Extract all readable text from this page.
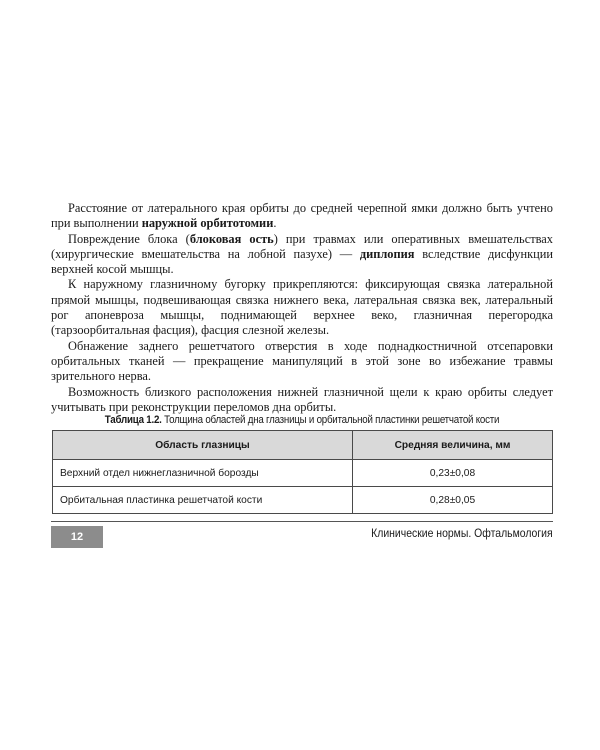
Расстояние от латерального края орбиты до средней черепной ямки должно быть учтено при выполнении наружной орбитотомии.

Повреждение блока (блоковая ость) при травмах или оперативных вмешательствах (хирургические вмешательства на лобной пазухе) — диплопия вследствие дисфункции верхней косой мышцы.

К наружному глазничному бугорку прикрепляются: фиксирующая связка латеральной прямой мышцы, подвешивающая связка нижнего века, латеральная связка век, латеральный рог апоневроза мышцы, поднимающей верхнее веко, глазничная перегородка (тарзоорбитальная фасция), фасция слезной железы.

Обнажение заднего решетчатого отверстия в ходе поднадкостничной отсепаровки орбитальных тканей — прекращение манипуляций в этой зоне во избежание травмы зрительного нерва.

Возможность близкого расположения нижней глазничной щели к краю орбиты следует учитывать при реконструкции переломов дна орбиты.

Таблица 1.2. Толщина областей дна глазницы и орбитальной пластинки решетчатой кости
Область глазницы	Средняя величина, мм
Верхний отдел нижнеглазничной борозды	0,23±0,08
Орбитальная пластинка решетчатой кости	0,28±0,05
12	Клинические нормы. Офтальмология
